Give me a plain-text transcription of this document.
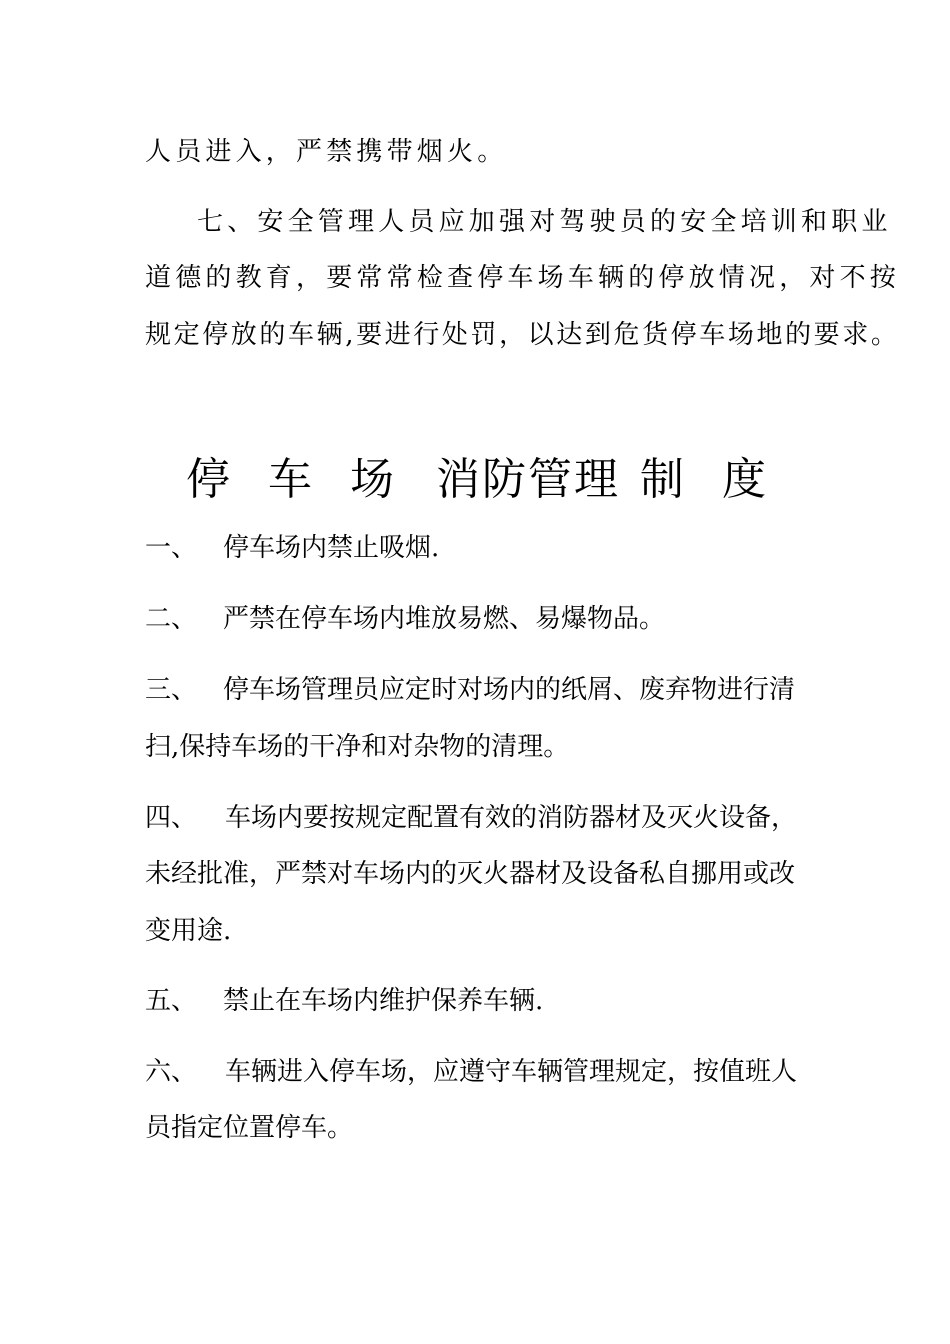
人员进入，严禁携带烟火。
七、安全管理人员应加强对驾驶员的安全培训和职业
道德的教育，要常常检查停车场车辆的停放情况，对不按
规定停放的车辆,要进行处罚，以达到危货停车场地的要求。
停 车 场 消防管理 制 度
一、 停车场内禁止吸烟.
二、 严禁在停车场内堆放易燃、易爆物品。
三、 停车场管理员应定时对场内的纸屑、废弃物进行清
扫,保持车场的干净和对杂物的清理。
四、 车场内要按规定配置有效的消防器材及灭火设备，
未经批准，严禁对车场内的灭火器材及设备私自挪用或改
变用途.
五、 禁止在车场内维护保养车辆.
六、 车辆进入停车场，应遵守车辆管理规定，按值班人
员指定位置停车。
